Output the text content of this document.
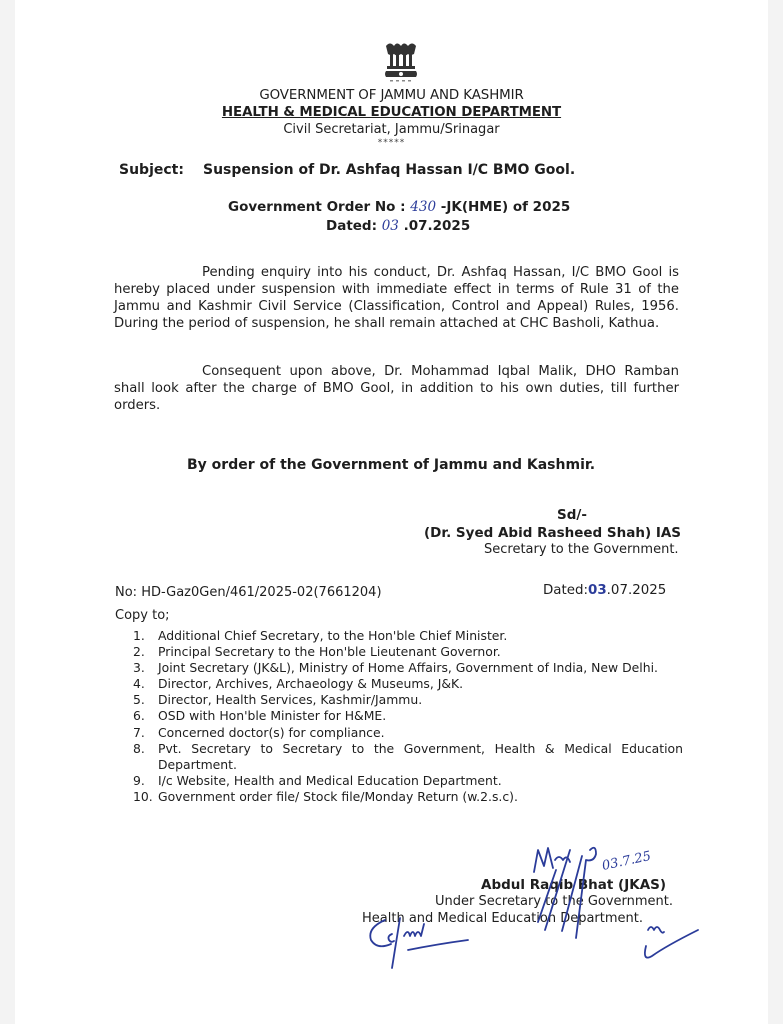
GOVERNMENT OF JAMMU AND KASHMIR
HEALTH & MEDICAL EDUCATION DEPARTMENT
Civil Secretariat, Jammu/Srinagar
*****
Subject: Suspension of Dr. Ashfaq Hassan I/C BMO Gool.
Government Order No : 430 -JK(HME) of 2025
Dated: 03 .07.2025
Pending enquiry into his conduct, Dr. Ashfaq Hassan, I/C BMO Gool is hereby placed under suspension with immediate effect in terms of Rule 31 of the Jammu and Kashmir Civil Service (Classification, Control and Appeal) Rules, 1956. During the period of suspension, he shall remain attached at CHC Basholi, Kathua.
Consequent upon above, Dr. Mohammad Iqbal Malik, DHO Ramban shall look after the charge of BMO Gool, in addition to his own duties, till further orders.
By order of the Government of Jammu and Kashmir.
Sd/-
(Dr. Syed Abid Rasheed Shah) IAS
Secretary to the Government.
No: HD-Gaz0Gen/461/2025-02(7661204)	Dated:03.07.2025
Copy to;
1.	Additional Chief Secretary, to the Hon'ble Chief Minister.
2.	Principal Secretary to the Hon'ble Lieutenant Governor.
3.	Joint Secretary (JK&L), Ministry of Home Affairs, Government of India, New Delhi.
4.	Director, Archives, Archaeology & Museums, J&K.
5.	Director, Health Services, Kashmir/Jammu.
6.	OSD with Hon'ble Minister for H&ME.
7.	Concerned doctor(s) for compliance.
8.	Pvt. Secretary to Secretary to the Government, Health & Medical Education Department.
9.	I/c Website, Health and Medical Education Department.
10. Government order file/ Stock file/Monday Return (w.2.s.c).
Abdul Raqib Bhat (JKAS)
Under Secretary to the Government.
Health and Medical Education Department.
03.7.25
